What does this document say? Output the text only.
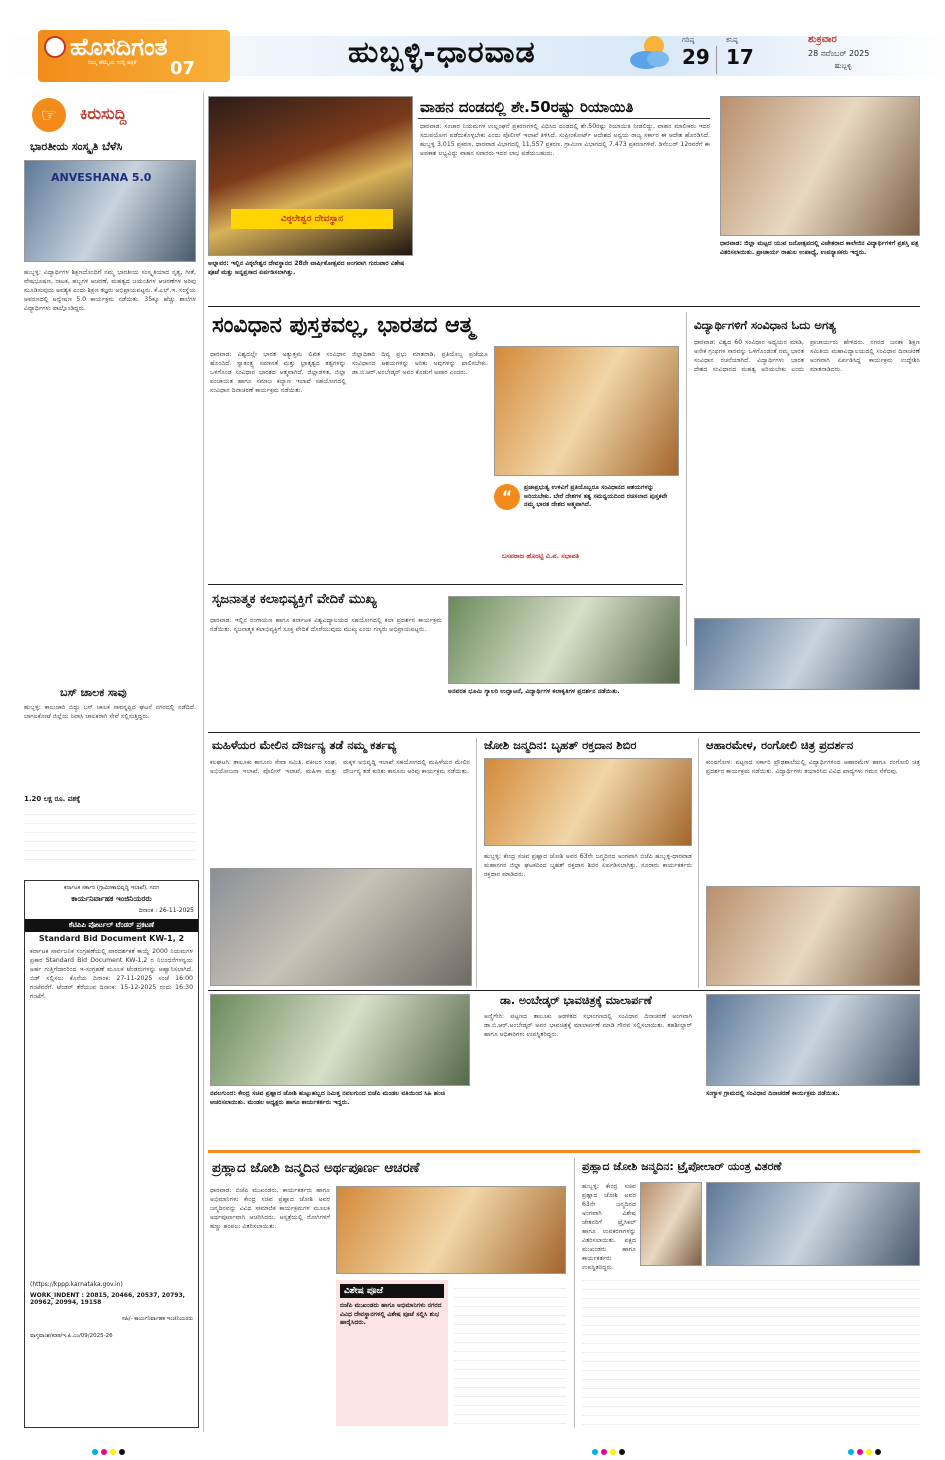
ಹೊಸದಿಗಂತ
ನಿಮ್ಮ ಹೆಮ್ಮೆಯ ಸುದ್ದಿ ಪತ್ರಿಕೆ 07	ಹುಬ್ಬಳ್ಳಿ-ಧಾರವಾಡ	ಗರಿಷ್ಠ
29
ಕನಿಷ್ಠ
17
ಶುಕ್ರವಾರ
28 ನವೆಂಬರ್ 2025
ಹುಬ್ಬಳ್ಳಿ
☞	ಕಿರುಸುದ್ದಿ
ಭಾರತೀಯ ಸಂಸ್ಕೃತಿ ಬೆಳೆಸಿ
ANVESHANA 5.0
ಹುಬ್ಬಳ್ಳಿ: ವಿದ್ಯಾರ್ಥಿಗಳ ಶಿಕ್ಷಣದೊಂದಿಗೆ ನಮ್ಮ ಭಾರತೀಯ ಸಂಸ್ಕೃತಿಯಾದ ನೃತ್ಯ, ಗೀತೆ, ವೇಷಭೂಷಣ, ನಾಟಕ, ಹಬ್ಬಗಳ ಆಚರಣೆ, ಮಹತ್ವದ ಜಯಂತಿಗಳ ಆಚರಣೆಗಳ ಅರಿವು ಮೂಡಿಸುವುದು ಅವಶ್ಯಕ ಎಂದು ಶಿಕ್ಷಣ ತಜ್ಞರು ಅಭಿಪ್ರಾಯಪಟ್ಟರು. ಕೆ.ಎಲ್.ಇ. ಸಂಸ್ಥೆಯ ಆವರಣದಲ್ಲಿ ಅನ್ವೇಷಣ 5.0 ಕಾರ್ಯಕ್ರಮ ನಡೆಯಿತು. 35ಕ್ಕೂ ಹೆಚ್ಚು ಶಾಲೆಗಳ ವಿದ್ಯಾರ್ಥಿಗಳು ಪಾಲ್ಗೊಂಡಿದ್ದರು.
ಬಸ್ ಚಾಲಕ ಸಾವು
ಹುಬ್ಬಳ್ಳಿ: ಕಾಲುಜಾರಿ ಬಿದ್ದು ಬಸ್ ಚಾಲಕ ಸಾವನ್ನಪ್ಪಿದ ಘಟನೆ ನಗರದಲ್ಲಿ ನಡೆದಿದೆ. ಬಾಗಲಕೋಟೆ ಜಿಲ್ಲೆಯ ನಿವಾಸಿ ಚಾಲಕರಾಗಿ ಸೇವೆ ಸಲ್ಲಿಸುತ್ತಿದ್ದರು.
1.20 ಲಕ್ಷ ರೂ. ವಶಕ್ಕೆ
ಕರ್ನಾಟಕ ಸರ್ಕಾರ (ಗ್ರಾಮೀಣಾಭಿವೃದ್ಧಿ ಇಲಾಖೆ), ಗದಗ
ಕಾರ್ಯನಿರ್ವಾಹಕ ಇಂಜಿನಿಯರರು
ದಿನಾಂಕ : 26-11-2025
ಕೆಟಿಪಿಪಿ ಪೋರ್ಟಲ್ ಟೆಂಡರ್ ಪ್ರಕಟಣೆ
Standard Bid Document KW-1, 2
ಕರ್ನಾಟಕ ಸಾರ್ವಜನಿಕ ಸಂಗ್ರಹಣೆಯಲ್ಲಿ ಪಾರದರ್ಶಕತೆ ಕಾಯ್ದೆ 2000 ನಿಯಮಗಳ ಪ್ರಕಾರ Standard Bid Document KW-1,2 ರ ನಿಬಂಧನೆಗಳನ್ವಯ ಅರ್ಹ ಗುತ್ತಿಗೆದಾರರಿಂದ ಇ-ಸಂಗ್ರಹಣೆ ಮೂಲಕ ಟೆಂಡರುಗಳನ್ನು ಆಹ್ವಾನಿಸಲಾಗಿದೆ. ಬಿಡ್ ಸಲ್ಲಿಸಲು ಕೊನೆಯ ದಿನಾಂಕ: 27-11-2025 ಸಂಜೆ 16:00 ಗಂಟೆವರೆಗೆ. ಟೆಂಡರ್ ತೆರೆಯುವ ದಿನಾಂಕ: 15-12-2025 ರಂದು 16:30 ಗಂಟೆಗೆ.
(https://kppp.karnataka.gov.in)
WORK_INDENT : 20815, 20466, 20537, 20793, 20962, 20994, 19158
ಸಹಿ/- ಕಾರ್ಯನಿರ್ವಾಹಕ ಇಂಜಿನಿಯರರು
ವಾಸ್ತವಾಂಶ/ಕಡತ/ಇ.ಪಿ.ಎಂ/09/2025-26
ವಿಠ್ಠಲೇಶ್ವರ ದೇವಸ್ಥಾನ
ಅಲ್ನಾವರ: ಇಲ್ಲಿನ ವಿಠ್ಠಲೇಶ್ವರ ದೇವಸ್ಥಾನದ 28ನೇ ವಾರ್ಷಿಕೋತ್ಸವದ ಅಂಗವಾಗಿ ಗುರುವಾರ ವಿಶೇಷ ಪೂಜೆ ಮತ್ತು ಅನ್ನಪ್ರಸಾದ ಏರ್ಪಡಿಸಲಾಗಿತ್ತು.
ವಾಹನ ದಂಡದಲ್ಲಿ ಶೇ.50ರಷ್ಟು ರಿಯಾಯಿತಿ
ಧಾರವಾಡ: ಸಂಚಾರ ನಿಯಮಗಳ ಉಲ್ಲಂಘನೆ ಪ್ರಕರಣಗಳಲ್ಲಿ ವಿಧಿಸಿದ ದಂಡದಲ್ಲಿ ಶೇ.50ರಷ್ಟು ರಿಯಾಯಿತಿ ನೀಡಲಿದ್ದು, ವಾಹನ ಮಾಲೀಕರು ಇದರ ಸದುಪಯೋಗ ಪಡೆದುಕೊಳ್ಳಬೇಕು ಎಂದು ಪೊಲೀಸ್ ಇಲಾಖೆ ತಿಳಿಸಿದೆ. ಸುಪ್ರೀಂಕೋರ್ಟ್ ಆದೇಶದ ಅನ್ವಯ ರಾಜ್ಯ ಸರ್ಕಾರ ಈ ಆದೇಶ ಹೊರಡಿಸಿದೆ. ಹುಬ್ಬಳ್ಳಿ 3,015 ಪ್ರಕರಣ, ಧಾರವಾಡ ವಿಭಾಗದಲ್ಲಿ 11,557 ಪ್ರಕರಣ, ಗ್ರಾಮೀಣ ವಿಭಾಗದಲ್ಲಿ 7,473 ಪ್ರಕರಣಗಳಿವೆ. ಡಿಸೆಂಬರ್ 12ರವರೆಗೆ ಈ ಅವಕಾಶ ಲಭ್ಯವಿದ್ದು ವಾಹನ ಸವಾರರು ಇದರ ಲಾಭ ಪಡೆಯಬಹುದು.
ಧಾರವಾಡ: ಜಿಲ್ಲಾ ಮಟ್ಟದ ಯುವ ಜನೋತ್ಸವದಲ್ಲಿ ವಿಜೇತರಾದ ಕಾಲೇಜಿನ ವಿದ್ಯಾರ್ಥಿಗಳಿಗೆ ಪ್ರಶಸ್ತಿ ಪತ್ರ ವಿತರಿಸಲಾಯಿತು. ಪ್ರಾಚಾರ್ಯ ರಾಹುಲ ಉಪಾಧ್ಯೆ, ಉಪನ್ಯಾಸಕರು ಇದ್ದರು.
ಸಂವಿಧಾನ ಪುಸ್ತಕವಲ್ಲ, ಭಾರತದ ಆತ್ಮ
ಧಾರವಾಡ: ವಿಶ್ವದಲ್ಲೇ ಭಾರತ ಅತ್ಯುತ್ತಮ ಲಿಖಿತ ಸಂವಿಧಾನ ಹೊಂದಿದೆ. ಸ್ವಾತಂತ್ರ್ಯ ಸಮಾನತೆ ಮತ್ತು ಭ್ರಾತೃತ್ವದ ತತ್ವಗಳನ್ನು ಒಳಗೊಂಡ ಸಂವಿಧಾನ ಭಾರತದ ಆತ್ಮವಾಗಿದೆ. ಜಿಲ್ಲಾಡಳಿತ, ಜಿಲ್ಲಾ ಪಂಚಾಯತ ಹಾಗೂ ಸಮಾಜ ಕಲ್ಯಾಣ ಇಲಾಖೆ ಸಹಯೋಗದಲ್ಲಿ ಸಂವಿಧಾನ ದಿನಾಚರಣೆ ಕಾರ್ಯಕ್ರಮ ನಡೆಯಿತು.
ಜಿಲ್ಲಾಧಿಕಾರಿ ದಿವ್ಯ ಪ್ರಭು ಮಾತನಾಡಿ, ಪ್ರತಿಯೊಬ್ಬ ಪ್ರಜೆಯೂ ಸಂವಿಧಾನದ ಆಶಯಗಳನ್ನು ಅರಿತು ಅವುಗಳನ್ನು ಪಾಲಿಸಬೇಕು. ಡಾ.ಬಿ.ಆರ್.ಅಂಬೇಡ್ಕರ್ ಅವರ ಕೊಡುಗೆ ಅಪಾರ ಎಂದರು.
“	ಪ್ರಜಾಪ್ರಭುತ್ವ ಉಳಿವಿಗೆ ಪ್ರತಿಯೊಬ್ಬರೂ ಸಂವಿಧಾನದ ಆಶಯಗಳನ್ನು ಅರಿಯಬೇಕು. ಬೇರೆ ದೇಶಗಳ ತತ್ವ ಸಮನ್ವಯದಿಂದ ರಚಿಸಲಾದ ಪುಸ್ತಕವೇ ನಮ್ಮ ಭಾರತ ದೇಶದ ಆತ್ಮವಾಗಿದೆ.
ಬಸವರಾಜ ಹೊರಟ್ಟಿ ವಿ.ಪ. ಸಭಾಪತಿ
ವಿದ್ಯಾರ್ಥಿಗಳಿಗೆ ಸಂವಿಧಾನ ಓದು ಅಗತ್ಯ
ಧಾರವಾಡ: ವಿಶ್ವದ 60 ಸಂವಿಧಾನ ಅಧ್ಯಯನ ಮಾಡಿ, ಅನೇಕ ಗ್ರಂಥಗಳ ಸಾರವನ್ನು ಒಳಗೊಂಡಂತೆ ನಮ್ಮ ಭಾರತ ಸಂವಿಧಾನ ರಚನೆಯಾಗಿದೆ. ವಿದ್ಯಾರ್ಥಿಗಳು ಭಾರತ ದೇಶದ ಸಂವಿಧಾನದ ಮಹತ್ವ ಅರಿಯಬೇಕು ಎಂದು ಪ್ರಾಚಾರ್ಯರು ಹೇಳಿದರು. ನಗರದ ಜನತಾ ಶಿಕ್ಷಣ ಸಮಿತಿಯ ಮಹಾವಿದ್ಯಾಲಯದಲ್ಲಿ ಸಂವಿಧಾನ ದಿನಾಚರಣೆ ಅಂಗವಾಗಿ ಏರ್ಪಡಿಸಿದ್ದ ಕಾರ್ಯಕ್ರಮ ಉದ್ದೇಶಿಸಿ ಮಾತನಾಡಿದರು.
ಸೃಜನಾತ್ಮಕ ಕಲಾಭಿವ್ಯಕ್ತಿಗೆ ವೇದಿಕೆ ಮುಖ್ಯ
ಧಾರವಾಡ: ಇಲ್ಲಿನ ರಂಗಾಯಣ ಹಾಗೂ ಕರ್ನಾಟಕ ವಿಶ್ವವಿದ್ಯಾಲಯದ ಸಹಯೋಗದಲ್ಲಿ ಕಲಾ ಪ್ರದರ್ಶನ ಕಾರ್ಯಕ್ರಮ ನಡೆಯಿತು. ಸೃಜನಾತ್ಮಕ ಕಲಾಭಿವ್ಯಕ್ತಿಗೆ ಸೂಕ್ತ ವೇದಿಕೆ ದೊರೆಯುವುದು ಮುಖ್ಯ ಎಂದು ಗಣ್ಯರು ಅಭಿಪ್ರಾಯಪಟ್ಟರು.
ಅನವರತ ಭೂಮಿ ಗ್ಯಾಲರಿ ಉದ್ಘಾಟನೆ, ವಿದ್ಯಾರ್ಥಿಗಳ ಕಲಾಕೃತಿಗಳ ಪ್ರದರ್ಶನ ನಡೆಯಿತು.
ಮಹಿಳೆಯರ ಮೇಲಿನ ದೌರ್ಜನ್ಯ ತಡೆ ನಮ್ಮ ಕರ್ತವ್ಯ
ಕಲಘಟಗಿ: ತಾಲೂಕು ಕಾನೂನು ಸೇವಾ ಸಮಿತಿ, ವಕೀಲರ ಸಂಘ, ಅಭಿಯೋಜನಾ ಇಲಾಖೆ, ಪೊಲೀಸ್ ಇಲಾಖೆ, ಮಹಿಳಾ ಮತ್ತು ಮಕ್ಕಳ ಅಭಿವೃದ್ಧಿ ಇಲಾಖೆ ಸಹಯೋಗದಲ್ಲಿ ಮಹಿಳೆಯರ ಮೇಲಿನ ದೌರ್ಜನ್ಯ ತಡೆ ಕುರಿತು ಕಾನೂನು ಅರಿವು ಕಾರ್ಯಕ್ರಮ ನಡೆಯಿತು.
ಜೋಶಿ ಜನ್ಮದಿನ: ಬೃಹತ್ ರಕ್ತದಾನ ಶಿಬಿರ
ಹುಬ್ಬಳ್ಳಿ: ಕೇಂದ್ರ ಸಚಿವ ಪ್ರಹ್ಲಾದ ಜೋಶಿ ಅವರ 63ನೇ ಜನ್ಮದಿನದ ಅಂಗವಾಗಿ ಬಿಜೆಪಿ ಹುಬ್ಬಳ್ಳಿ-ಧಾರವಾಡ ಮಹಾನಗರ ಜಿಲ್ಲಾ ಘಟಕದಿಂದ ಬೃಹತ್ ರಕ್ತದಾನ ಶಿಬಿರ ಏರ್ಪಡಿಸಲಾಗಿತ್ತು. ನೂರಾರು ಕಾರ್ಯಕರ್ತರು ರಕ್ತದಾನ ಮಾಡಿದರು.
ಆಹಾರಮೇಳ, ರಂಗೋಲಿ ಚಿತ್ರ ಪ್ರದರ್ಶನ
ಕುಂದಗೋಳ: ಪಟ್ಟಣದ ಸರ್ಕಾರಿ ಪ್ರೌಢಶಾಲೆಯಲ್ಲಿ ವಿದ್ಯಾರ್ಥಿಗಳಿಂದ ಆಹಾರಮೇಳ ಹಾಗೂ ರಂಗೋಲಿ ಚಿತ್ರ ಪ್ರದರ್ಶನ ಕಾರ್ಯಕ್ರಮ ನಡೆಯಿತು. ವಿದ್ಯಾರ್ಥಿಗಳು ತಯಾರಿಸಿದ ವಿವಿಧ ಖಾದ್ಯಗಳು ಗಮನ ಸೆಳೆದವು.
ನವಲಗುಂದ: ಕೇಂದ್ರ ಸಚಿವ ಪ್ರಹ್ಲಾದ ಜೋಶಿ ಹುಟ್ಟುಹಬ್ಬದ ನಿಮಿತ್ತ ನವಲಗುಂದ ಬಿಜೆಪಿ ಮಂಡಲ ವತಿಯಿಂದ ಸಿಹಿ ಹಂಚಿ ಆಚರಿಸಲಾಯಿತು. ಮಂಡಲ ಅಧ್ಯಕ್ಷರು ಹಾಗೂ ಕಾರ್ಯಕರ್ತರು ಇದ್ದರು.
ಡಾ. ಅಂಬೇಡ್ಕರ್ ಭಾವಚಿತ್ರಕ್ಕೆ ಮಾಲಾರ್ಪಣೆ
ಅಣ್ಣಿಗೇರಿ: ಪಟ್ಟಣದ ತಾಲೂಕು ಆಡಳಿತದ ಸಭಾಂಗಣದಲ್ಲಿ ಸಂವಿಧಾನ ದಿನಾಚರಣೆ ಅಂಗವಾಗಿ ಡಾ.ಬಿ.ಆರ್.ಅಂಬೇಡ್ಕರ್ ಅವರ ಭಾವಚಿತ್ರಕ್ಕೆ ಮಾಲಾರ್ಪಣೆ ಮಾಡಿ ಗೌರವ ಸಲ್ಲಿಸಲಾಯಿತು. ತಹಶೀಲ್ದಾರ್ ಹಾಗೂ ಅಧಿಕಾರಿಗಳು ಉಪಸ್ಥಿತರಿದ್ದರು.
ಸಂಗ್ಯಾಳ ಗ್ರಾಮದಲ್ಲಿ ಸಂವಿಧಾನ ದಿನಾಚರಣೆ ಕಾರ್ಯಕ್ರಮ ನಡೆಯಿತು.
ಪ್ರಹ್ಲಾದ ಜೋಶಿ ಜನ್ಮದಿನ ಅರ್ಥಪೂರ್ಣ ಆಚರಣೆ
ಧಾರವಾಡ: ಬಿಜೆಪಿ ಮುಖಂಡರು, ಕಾರ್ಯಕರ್ತರು ಹಾಗೂ ಅಭಿಮಾನಿಗಳು ಕೇಂದ್ರ ಸಚಿವ ಪ್ರಹ್ಲಾದ ಜೋಶಿ ಅವರ ಜನ್ಮದಿನವನ್ನು ವಿವಿಧ ಸಾಮಾಜಿಕ ಕಾರ್ಯಕ್ರಮಗಳ ಮೂಲಕ ಅರ್ಥಪೂರ್ಣವಾಗಿ ಆಚರಿಸಿದರು. ಆಸ್ಪತ್ರೆಯಲ್ಲಿ ರೋಗಿಗಳಿಗೆ ಹಣ್ಣು ಹಂಪಲು ವಿತರಿಸಲಾಯಿತು.
ವಿಶೇಷ ಪೂಜೆ
ಬಿಜೆಪಿ ಮುಖಂಡರು ಹಾಗೂ ಅಭಿಮಾನಿಗಳು ನಗರದ ವಿವಿಧ ದೇವಸ್ಥಾನಗಳಲ್ಲಿ ವಿಶೇಷ ಪೂಜೆ ಸಲ್ಲಿಸಿ ಶುಭ ಹಾರೈಸಿದರು.
ಪ್ರಹ್ಲಾದ ಜೋಶಿ ಜನ್ಮದಿನ: ಟ್ರೈಪೋಲಾರ್ ಯಂತ್ರ ವಿತರಣೆ
ಹುಬ್ಬಳ್ಳಿ: ಕೇಂದ್ರ ಸಚಿವ ಪ್ರಹ್ಲಾದ ಜೋಶಿ ಅವರ 63ನೇ ಜನ್ಮದಿನದ ಅಂಗವಾಗಿ ವಿಶೇಷ ಚೇತನರಿಗೆ ಟ್ರೈಸಿಕಲ್ ಹಾಗೂ ಉಪಕರಣಗಳನ್ನು ವಿತರಿಸಲಾಯಿತು. ಪಕ್ಷದ ಮುಖಂಡರು ಹಾಗೂ ಕಾರ್ಯಕರ್ತರು ಉಪಸ್ಥಿತರಿದ್ದರು.
